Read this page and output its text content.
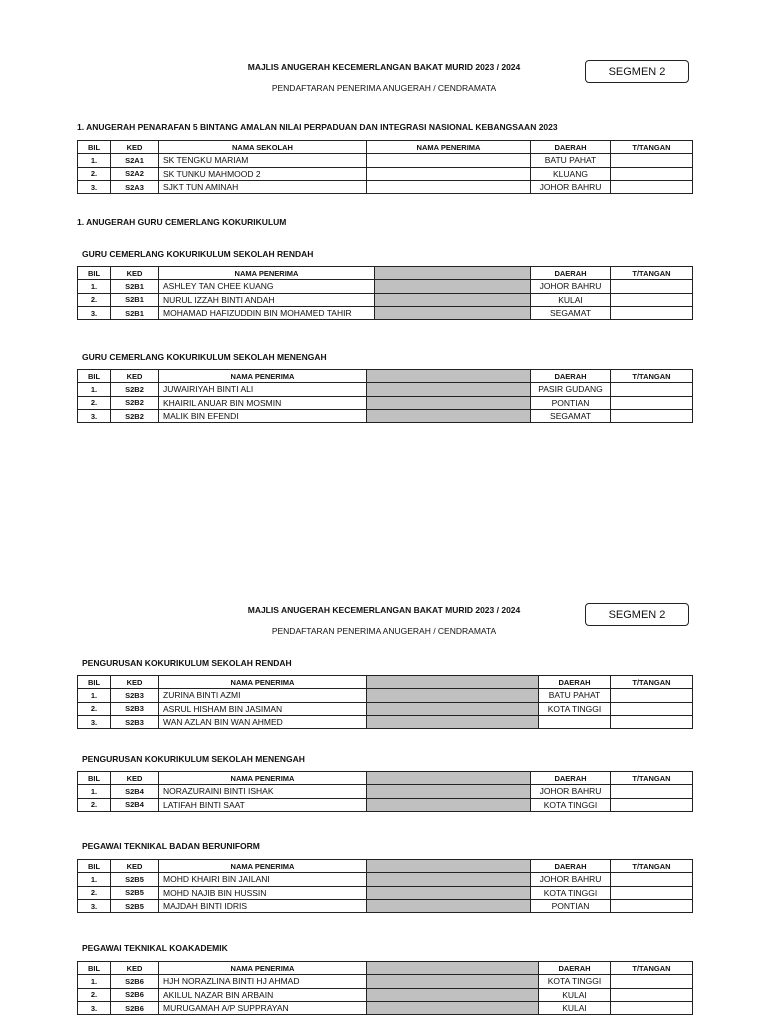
MAJLIS ANUGERAH KECEMERLANGAN BAKAT MURID 2023 / 2024
PENDAFTARAN PENERIMA ANUGERAH / CENDRAMATA
SEGMEN 2
1. ANUGERAH PENARAFAN 5 BINTANG AMALAN NILAI PERPADUAN DAN INTEGRASI NASIONAL KEBANGSAAN 2023
BIL	KED	NAMA SEKOLAH	NAMA PENERIMA	DAERAH	T/TANGAN
1.	S2A1	SK TENGKU MARIAM		BATU PAHAT	
2.	S2A2	SK TUNKU MAHMOOD 2		KLUANG	
3.	S2A3	SJKT TUN AMINAH		JOHOR BAHRU	
1. ANUGERAH GURU CEMERLANG KOKURIKULUM
GURU CEMERLANG KOKURIKULUM SEKOLAH RENDAH
BIL	KED	NAMA PENERIMA		DAERAH	T/TANGAN
1.	S2B1	ASHLEY TAN CHEE KUANG		JOHOR BAHRU	
2.	S2B1	NURUL IZZAH BINTI ANDAH		KULAI	
3.	S2B1	MOHAMAD HAFIZUDDIN BIN MOHAMED TAHIR		SEGAMAT	
GURU CEMERLANG KOKURIKULUM SEKOLAH MENENGAH
BIL	KED	NAMA PENERIMA		DAERAH	T/TANGAN
1.	S2B2	JUWAIRIYAH BINTI ALI		PASIR GUDANG	
2.	S2B2	KHAIRIL ANUAR BIN MOSMIN		PONTIAN	
3.	S2B2	MALIK BIN EFENDI		SEGAMAT	
MAJLIS ANUGERAH KECEMERLANGAN BAKAT MURID 2023 / 2024
PENDAFTARAN PENERIMA ANUGERAH / CENDRAMATA
SEGMEN 2
PENGURUSAN KOKURIKULUM SEKOLAH RENDAH
BIL	KED	NAMA PENERIMA		DAERAH	T/TANGAN
1.	S2B3	ZURINA BINTI AZMI		BATU PAHAT	
2.	S2B3	ASRUL HISHAM BIN JASIMAN		KOTA TINGGI	
3.	S2B3	WAN AZLAN BIN WAN AHMED			
PENGURUSAN KOKURIKULUM SEKOLAH MENENGAH
BIL	KED	NAMA PENERIMA		DAERAH	T/TANGAN
1.	S2B4	NORAZURAINI BINTI ISHAK		JOHOR BAHRU	
2.	S2B4	LATIFAH BINTI SAAT		KOTA TINGGI	
PEGAWAI TEKNIKAL BADAN BERUNIFORM
BIL	KED	NAMA PENERIMA		DAERAH	T/TANGAN
1.	S2B5	MOHD KHAIRI BIN JAILANI		JOHOR BAHRU	
2.	S2B5	MOHD NAJIB BIN HUSSIN		KOTA TINGGI	
3.	S2B5	MAJDAH BINTI IDRIS		PONTIAN	
PEGAWAI TEKNIKAL KOAKADEMIK
BIL	KED	NAMA PENERIMA		DAERAH	T/TANGAN
1.	S2B6	HJH NORAZLINA BINTI HJ AHMAD		KOTA TINGGI	
2.	S2B6	AKILUL NAZAR BIN ARBAIN		KULAI	
3.	S2B6	MURUGAMAH A/P SUPPRAYAN		KULAI	
